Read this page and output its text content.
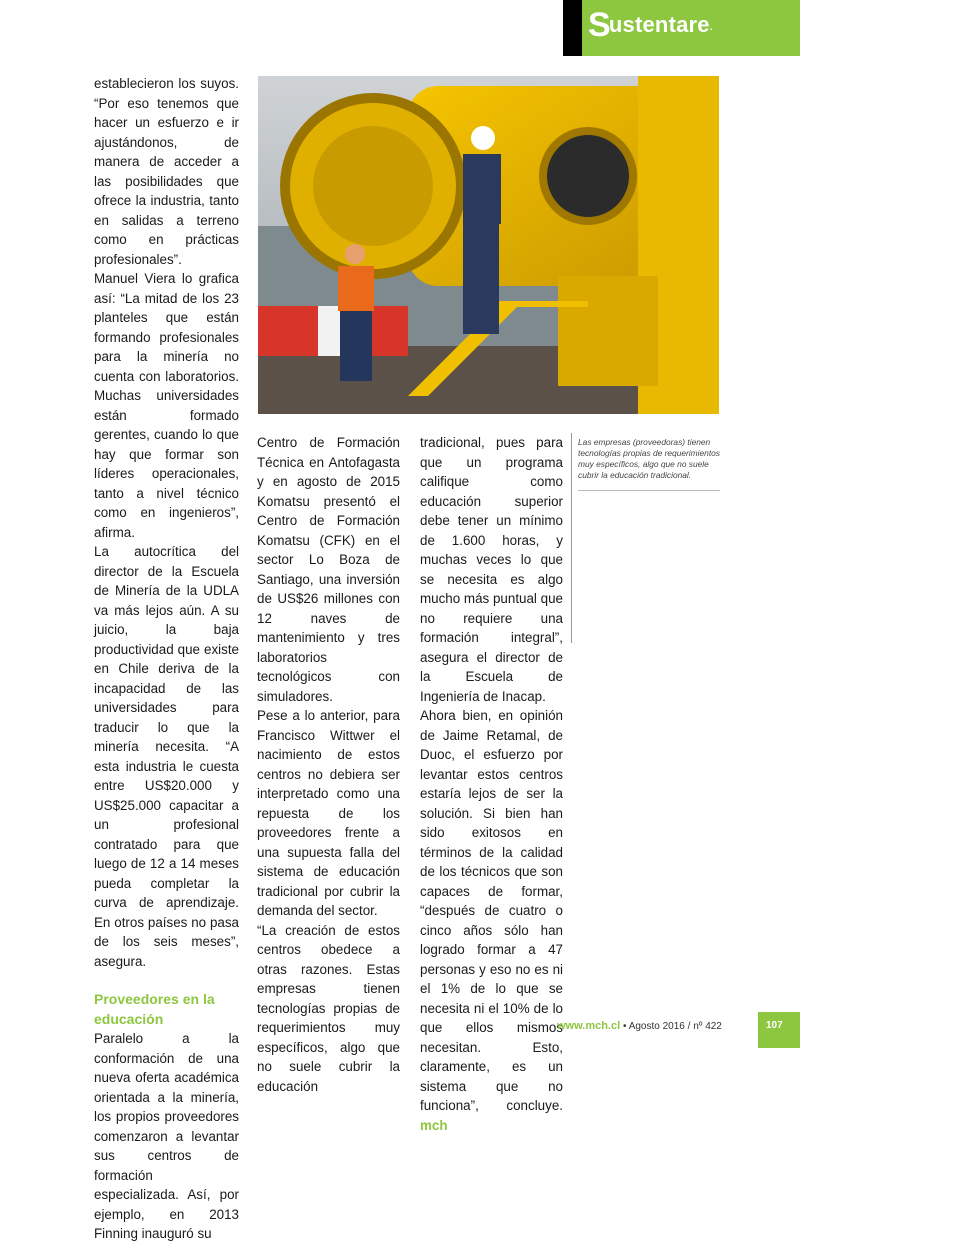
Sustentare.

establecieron los suyos. “Por eso tenemos que hacer un esfuerzo e ir ajustándonos, de manera de acceder a las posibilidades que ofrece la industria, tanto en salidas a terreno como en prácticas profesionales”.

Manuel Viera lo grafica así: “La mitad de los 23 planteles que están formando profesionales para la minería no cuenta con laboratorios. Muchas universidades están formado gerentes, cuando lo que hay que formar son líderes operacionales, tanto a nivel técnico como en ingenieros”, afirma.

La autocrítica del director de la Escuela de Minería de la UDLA va más lejos aún. A su juicio, la baja productividad que existe en Chile deriva de la incapacidad de las universidades para traducir lo que la minería necesita. “A esta industria le cuesta entre US$20.000 y US$25.000 capacitar a un profesional contratado para que luego de 12 a 14 meses pueda completar la curva de aprendizaje. En otros países no pasa de los seis meses”, asegura.

Proveedores en la educación

Paralelo a la conformación de una nueva oferta académica orientada a la minería, los propios proveedores comenzaron a levantar sus centros de formación especializada. Así, por ejemplo, en 2013 Finning inauguró su

Fotografía: Juan Carlos Recabal – MINERÍA CHILENA

Centro de Formación Técnica en Antofagasta y en agosto de 2015 Komatsu presentó el Centro de Formación Komatsu (CFK) en el sector Lo Boza de Santiago, una inversión de US$26 millones con 12 naves de mantenimiento y tres laboratorios tecnológicos con simuladores.

Pese a lo anterior, para Francisco Wittwer el nacimiento de estos centros no debiera ser interpretado como una repuesta de los proveedores frente a una supuesta falla del sistema de educación tradicional por cubrir la demanda del sector.

“La creación de estos centros obedece a otras razones. Estas empresas tienen tecnologías propias de requerimientos muy específicos, algo que no suele cubrir la educación

tradicional, pues para que un programa califique como educación superior debe tener un mínimo de 1.600 horas, y muchas veces lo que se necesita es algo mucho más puntual que no requiere una formación integral”, asegura el director de la Escuela de Ingeniería de Inacap.

Ahora bien, en opinión de Jaime Retamal, de Duoc, el esfuerzo por levantar estos centros estaría lejos de ser la solución. Si bien han sido exitosos en términos de la calidad de los técnicos que son capaces de formar, “después de cuatro o cinco años sólo han logrado formar a 47 personas y eso no es ni el 1% de lo que se necesita ni el 10% de lo que ellos mismos necesitan. Esto, claramente, es un sistema que no funciona”, concluye. mch

Las empresas (proveedoras) tienen tecnologías propias de requerimientos muy específicos, algo que no suele cubrir la educación tradicional.
www.mch.cl • Agosto 2016 / nº 422	107
